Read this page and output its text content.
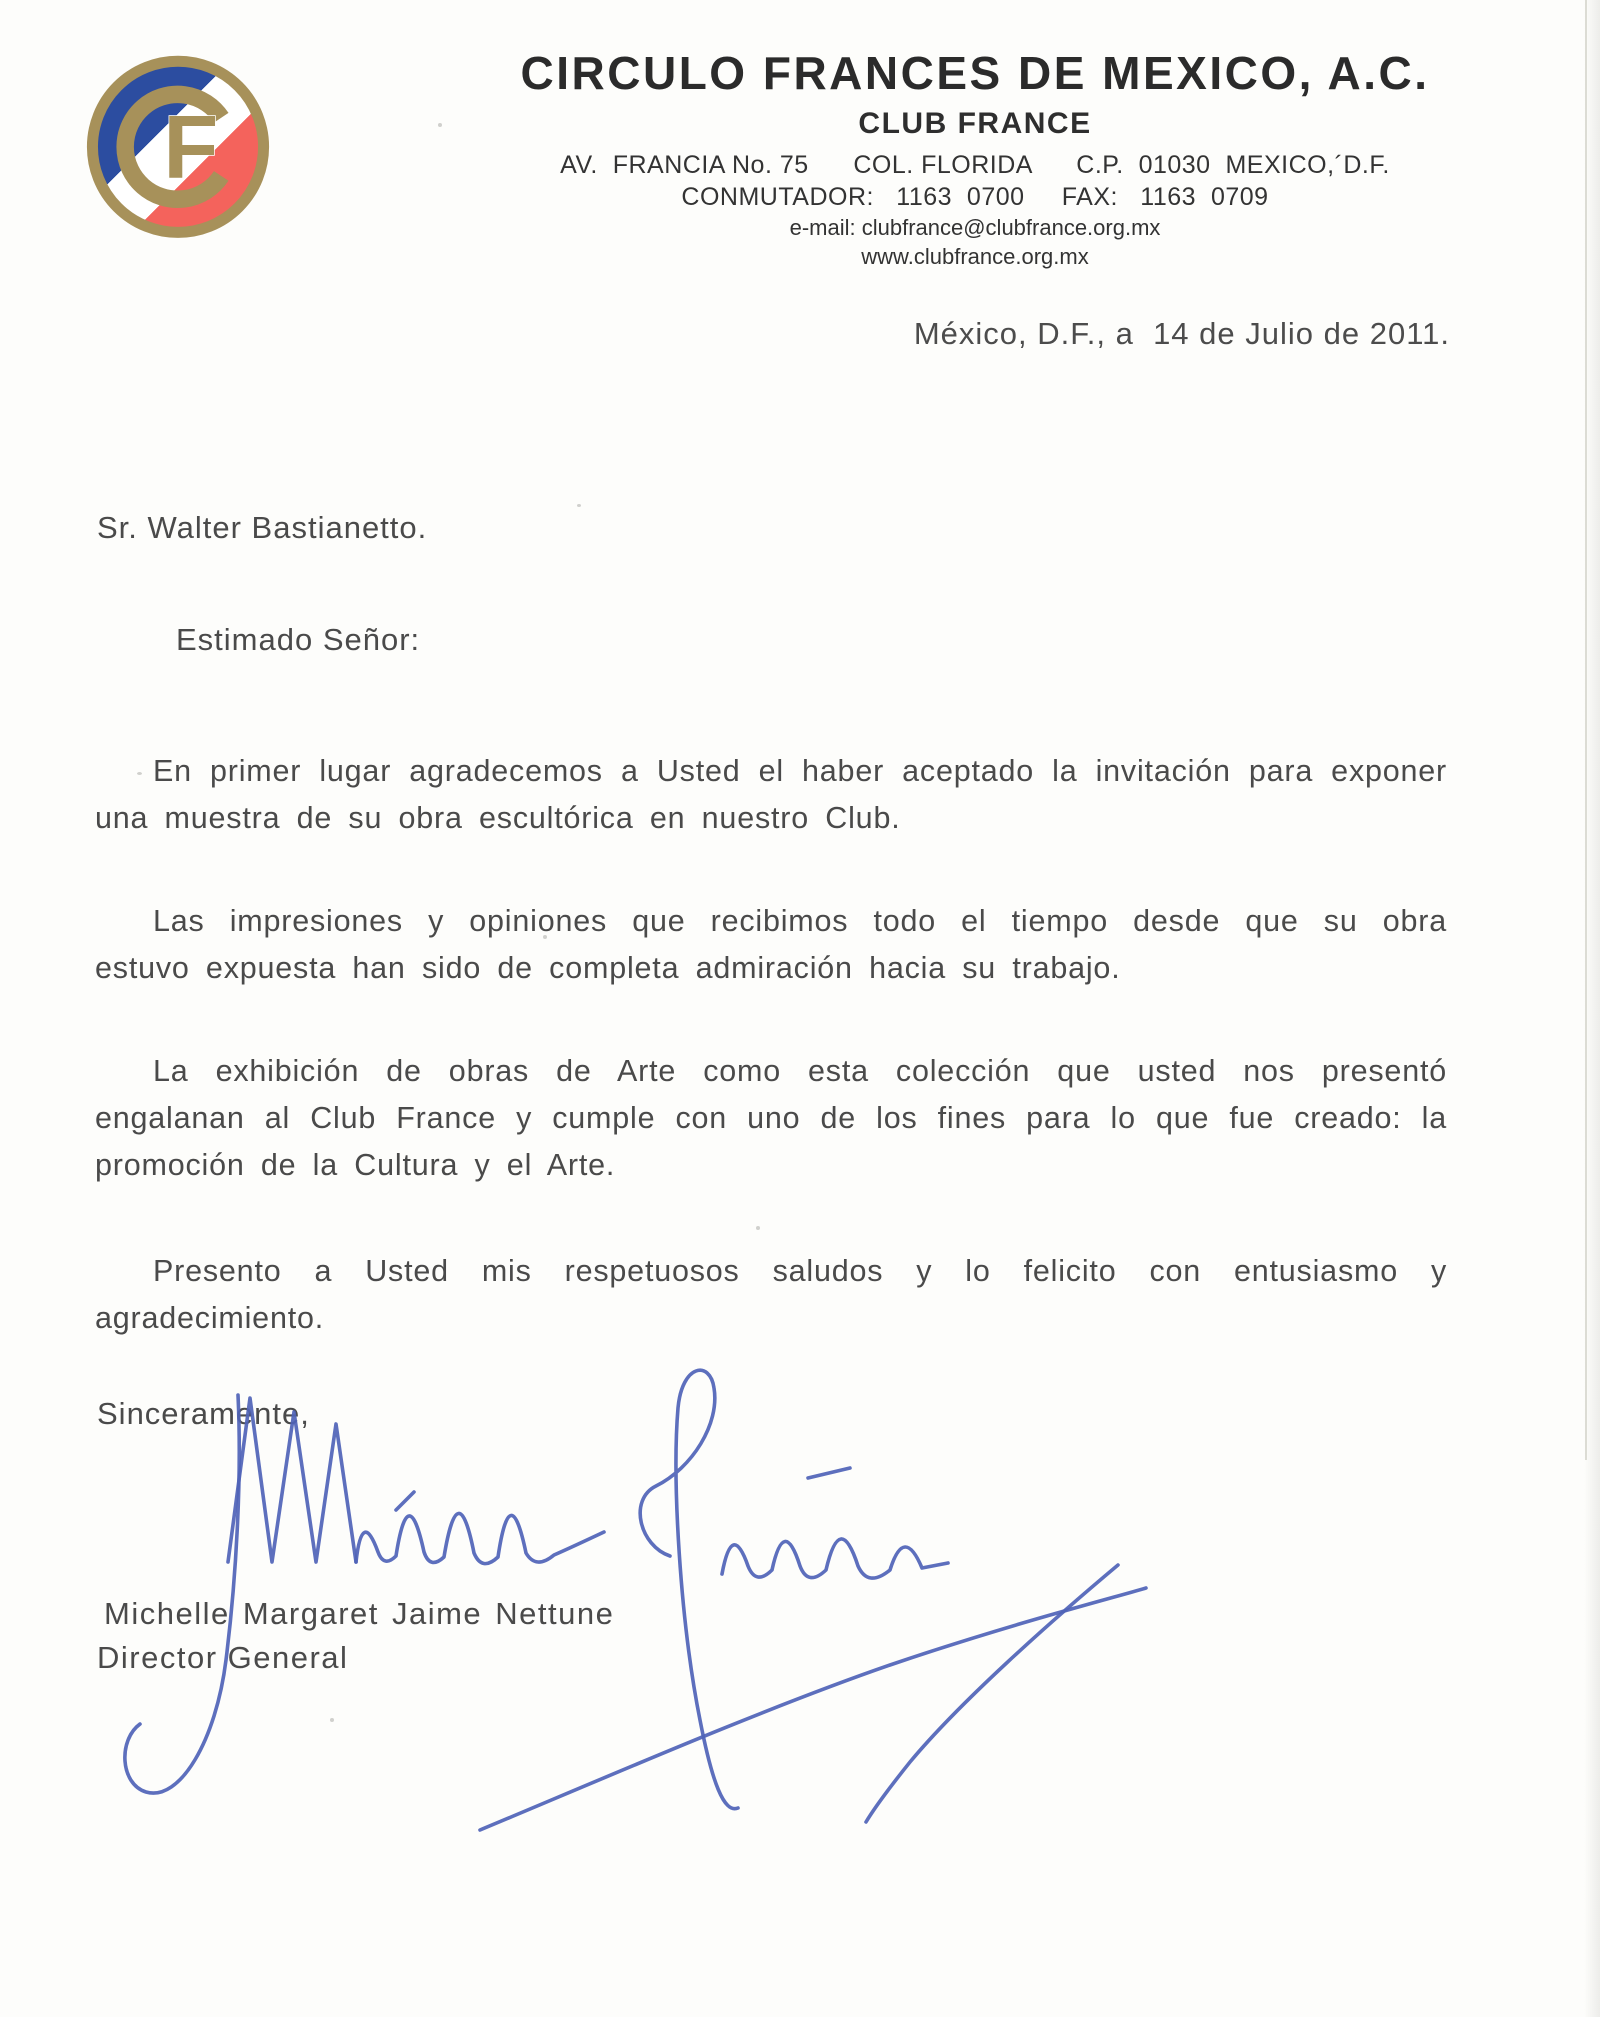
F
CIRCULO FRANCES DE MEXICO, A.C.
CLUB FRANCE
AV.  FRANCIA No. 75      COL. FLORIDA      C.P.  01030  MEXICO,´D.F.
CONMUTADOR:   1163  0700     FAX:   1163  0709
e-mail: clubfrance@clubfrance.org.mx
www.clubfrance.org.mx
México, D.F., a  14 de Julio de 2011.
Sr. Walter Bastianetto.
Estimado Señor:

En primer lugar agradecemos a Usted el haber aceptado la invitación para exponer una muestra de su obra escultórica en nuestro Club.

Las impresiones y opiniones que recibimos todo el tiempo desde que su obra estuvo expuesta han sido de completa admiración hacia su trabajo.

La exhibición de obras de Arte como esta colección que usted nos presentó engalanan al Club France y cumple con uno de los fines para lo que fue creado: la promoción de la Cultura y el Arte.

Presento a Usted mis respetuosos saludos y lo felicito con entusiasmo y agradecimiento.

Sinceramente,
Michelle Margaret Jaime Nettune
Director General
